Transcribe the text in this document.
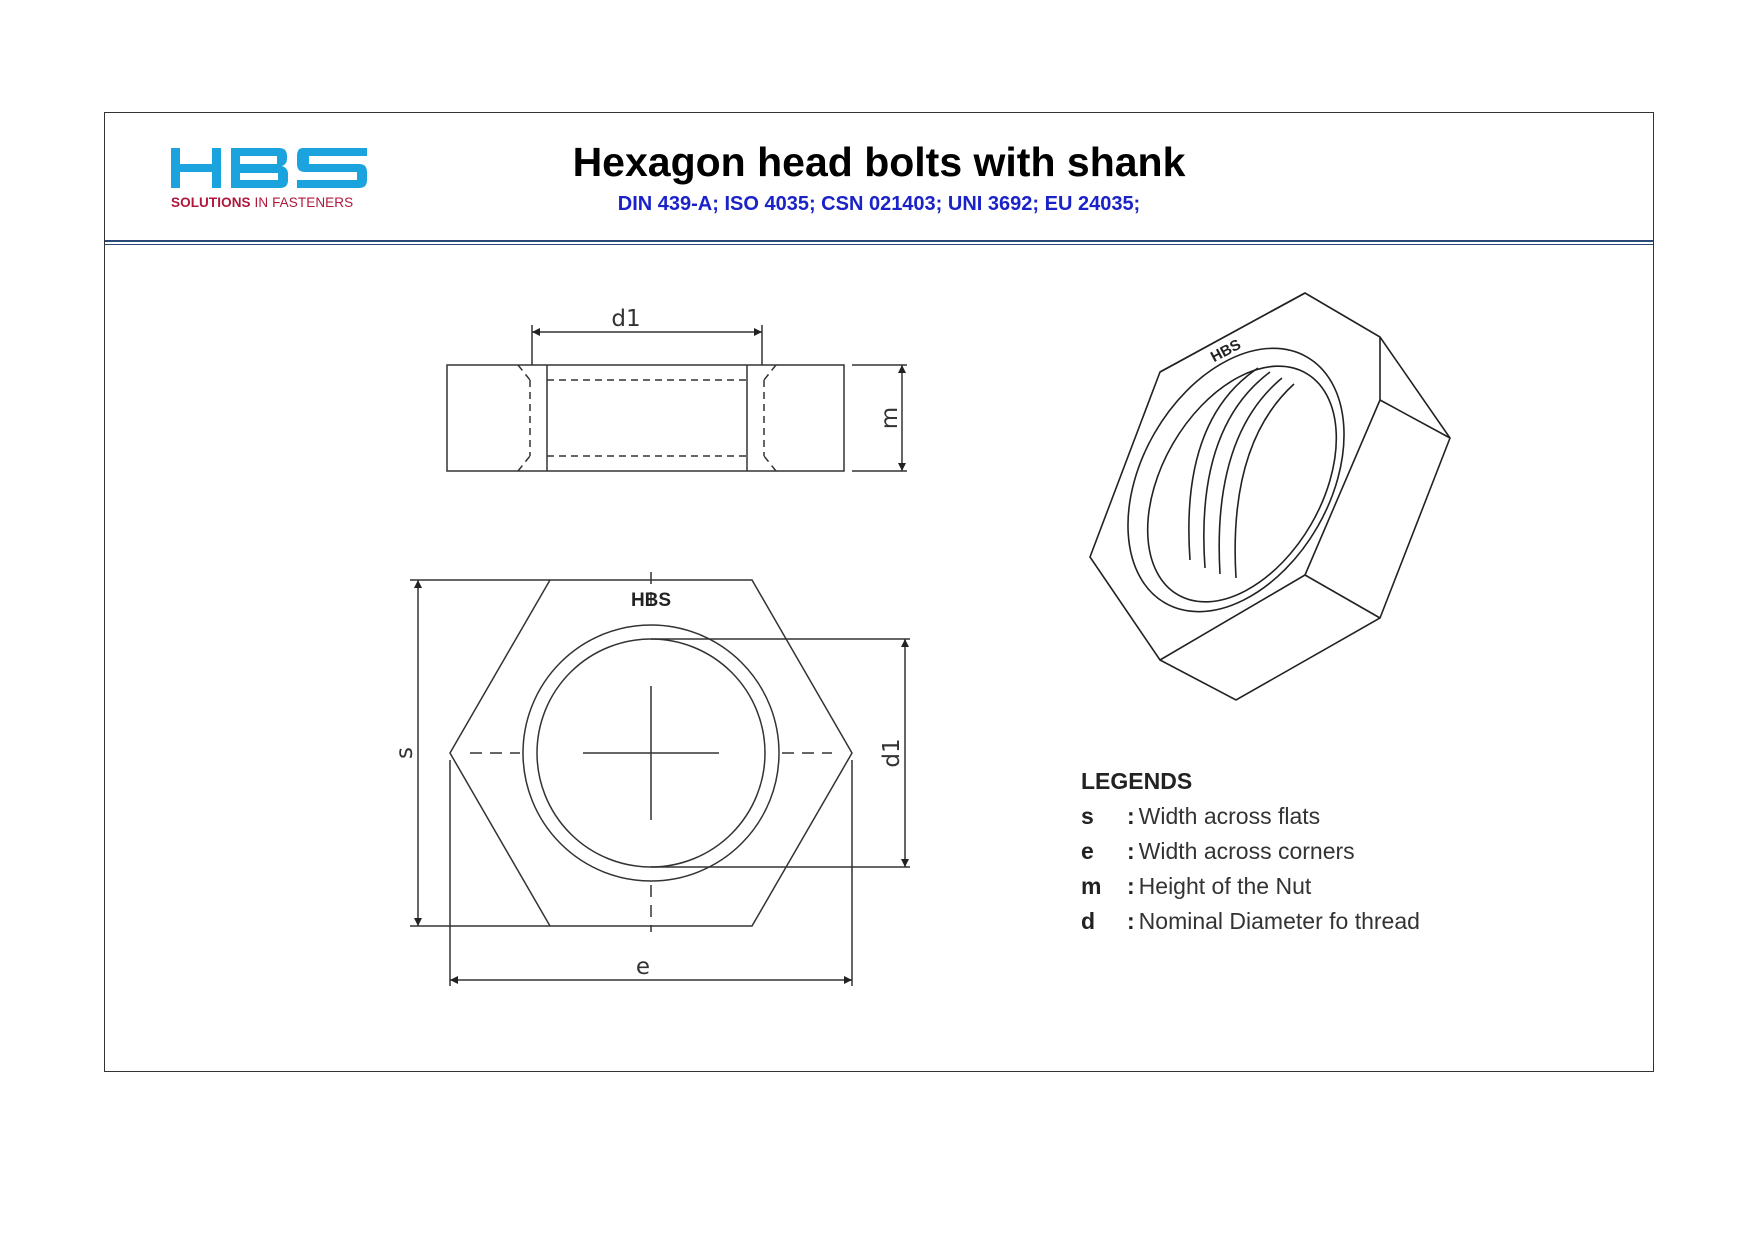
SOLUTIONS IN FASTENERS
Hexagon head bolts with shank
DIN 439-A; ISO 4035; CSN 021403; UNI 3692; EU 24035;
d1
m
HBS
s	d1
e
HBS
LEGENDS
s : Width across flats
e : Width across corners
m : Height of the Nut
d : Nominal Diameter fo thread
